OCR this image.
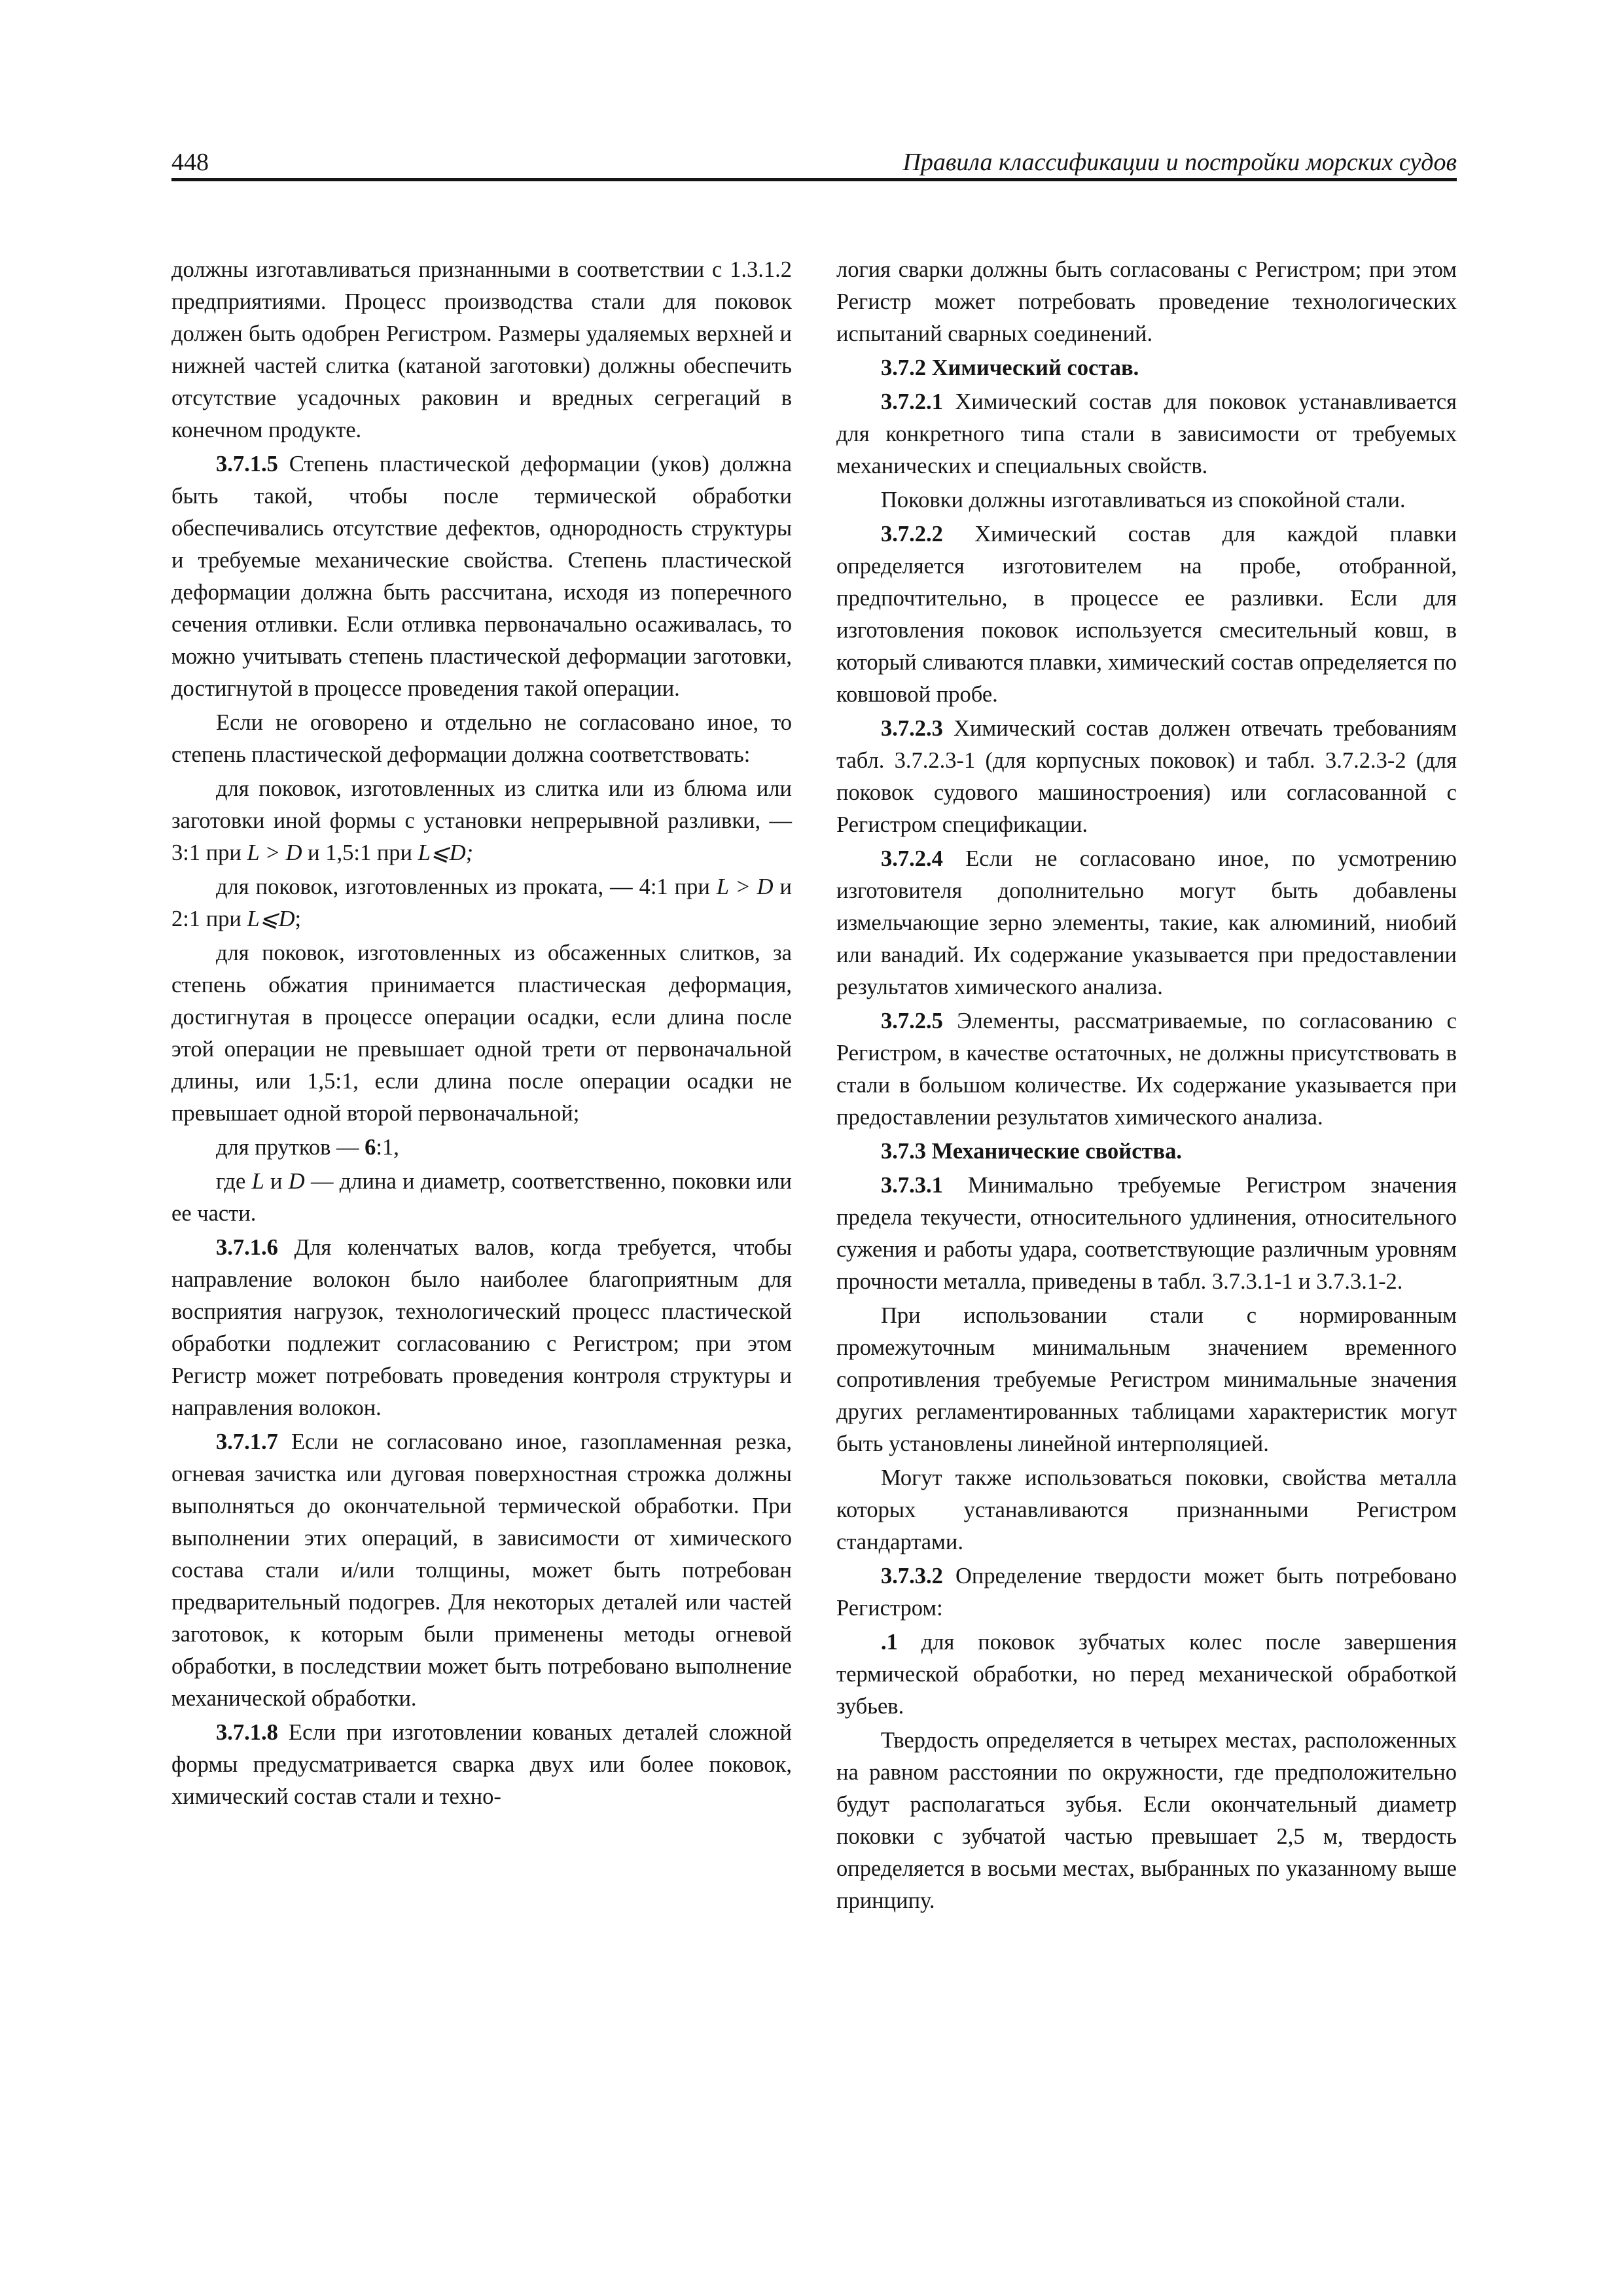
448	Правила классификации и постройки морских судов

должны изготавливаться признанными в соответствии с 1.3.1.2 предприятиями. Процесс производства стали для поковок должен быть одобрен Регистром. Размеры удаляемых верхней и нижней частей слитка (катаной заготовки) должны обеспечить отсутствие усадочных раковин и вредных сегрегаций в конечном продукте.

3.7.1.5 Степень пластической деформации (уков) должна быть такой, чтобы после термической обработки обеспечивались отсутствие дефектов, однородность структуры и требуемые механические свойства. Степень пластической деформации должна быть рассчитана, исходя из поперечного сечения отливки. Если отливка первоначально осаживалась, то можно учитывать степень пластической деформации заготовки, достигнутой в процессе проведения такой операции.

Если не оговорено и отдельно не согласовано иное, то степень пластической деформации должна соответствовать:

для поковок, изготовленных из слитка или из блюма или заготовки иной формы с установки непрерывной разливки, — 3:1 при L > D и 1,5:1 при L⩽D;

для поковок, изготовленных из проката, — 4:1 при L > D и 2:1 при L⩽D;

для поковок, изготовленных из обсаженных слитков, за степень обжатия принимается пластическая деформация, достигнутая в процессе операции осадки, если длина после этой операции не превышает одной трети от первоначальной длины, или 1,5:1, если длина после операции осадки не превышает одной второй первоначальной;

для прутков — 6:1,

где L и D — длина и диаметр, соответственно, поковки или ее части.

3.7.1.6 Для коленчатых валов, когда требуется, чтобы направление волокон было наиболее благоприятным для восприятия нагрузок, технологический процесс пластической обработки подлежит согласованию с Регистром; при этом Регистр может потребовать проведения контроля структуры и направления волокон.

3.7.1.7 Если не согласовано иное, газопламенная резка, огневая зачистка или дуговая поверхностная строжка должны выполняться до окончательной термической обработки. При выполнении этих операций, в зависимости от химического состава стали и/или толщины, может быть потребован предварительный подогрев. Для некоторых деталей или частей заготовок, к которым были применены методы огневой обработки, в последствии может быть потребовано выполнение механической обработки.

3.7.1.8 Если при изготовлении кованых деталей сложной формы предусматривается сварка двух или более поковок, химический состав стали и техно-

логия сварки должны быть согласованы с Регистром; при этом Регистр может потребовать проведение технологических испытаний сварных соединений.

3.7.2 Химический состав.

3.7.2.1 Химический состав для поковок устанавливается для конкретного типа стали в зависимости от требуемых механических и специальных свойств.

Поковки должны изготавливаться из спокойной стали.

3.7.2.2 Химический состав для каждой плавки определяется изготовителем на пробе, отобранной, предпочтительно, в процессе ее разливки. Если для изготовления поковок используется смесительный ковш, в который сливаются плавки, химический состав определяется по ковшовой пробе.

3.7.2.3 Химический состав должен отвечать требованиям табл. 3.7.2.3-1 (для корпусных поковок) и табл. 3.7.2.3-2 (для поковок судового машиностроения) или согласованной с Регистром спецификации.

3.7.2.4 Если не согласовано иное, по усмотрению изготовителя дополнительно могут быть добавлены измельчающие зерно элементы, такие, как алюминий, ниобий или ванадий. Их содержание указывается при предоставлении результатов химического анализа.

3.7.2.5 Элементы, рассматриваемые, по согласованию с Регистром, в качестве остаточных, не должны присутствовать в стали в большом количестве. Их содержание указывается при предоставлении результатов химического анализа.

3.7.3 Механические свойства.

3.7.3.1 Минимально требуемые Регистром значения предела текучести, относительного удлинения, относительного сужения и работы удара, соответствующие различным уровням прочности металла, приведены в табл. 3.7.3.1-1 и 3.7.3.1-2.

При использовании стали с нормированным промежуточным минимальным значением временного сопротивления требуемые Регистром минимальные значения других регламентированных таблицами характеристик могут быть установлены линейной интерполяцией.

Могут также использоваться поковки, свойства металла которых устанавливаются признанными Регистром стандартами.

3.7.3.2 Определение твердости может быть потребовано Регистром:

.1 для поковок зубчатых колес после завершения термической обработки, но перед механической обработкой зубьев.

Твердость определяется в четырех местах, расположенных на равном расстоянии по окружности, где предположительно будут располагаться зубья. Если окончательный диаметр поковки с зубчатой частью превышает 2,5 м, твердость определяется в восьми местах, выбранных по указанному выше принципу.
